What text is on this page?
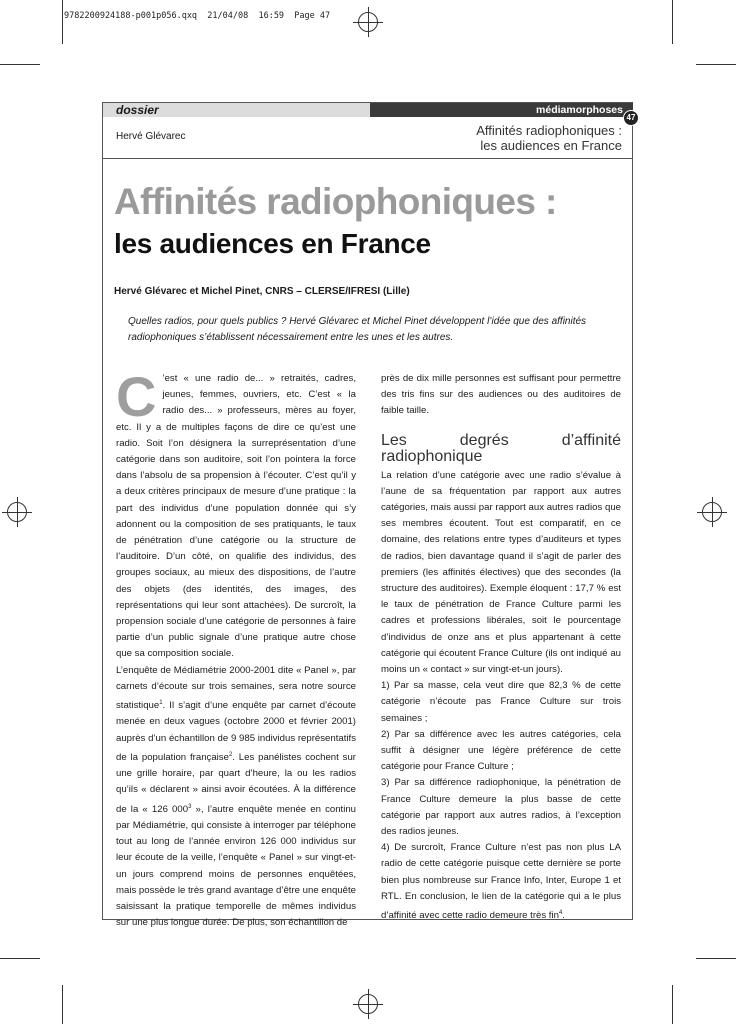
9782200924188-p001p056.qxq  21/04/08  16:59  Page 47
dossier	médiamorphoses
47
Hervé Glévarec	Affinités radiophoniques :
les audiences en France
Affinités radiophoniques :
les audiences en France
Hervé Glévarec et Michel Pinet, CNRS – CLERSE/IFRESI (Lille)
Quelles radios, pour quels publics ? Hervé Glévarec et Michel Pinet développent l’idée que des affinités radiophoniques s’établissent nécessairement entre les unes et les autres.

C ’est « une radio de... » retraités, cadres, jeunes, femmes, ouvriers, etc. C’est « la radio des... » professeurs, mères au foyer, etc. Il y a de multiples façons de dire ce qu’est une radio. Soit l’on désignera la surreprésentation d’une catégorie dans son auditoire, soit l’on pointera la force dans l’absolu de sa propension à l’écouter. C’est qu’il y a deux critères principaux de mesure d’une pratique : la part des individus d’une population donnée qui s’y adonnent ou la composition de ses pratiquants, le taux de pénétration d’une catégorie ou la structure de l’auditoire. D’un côté, on qualifie des individus, des groupes sociaux, au mieux des dispositions, de l’autre des objets (des identités, des images, des représentations qui leur sont attachées). De surcroît, la propension sociale d’une catégorie de personnes à faire partie d’un public signale d’une pratique autre chose que sa composition sociale.

L’enquête de Médiamétrie 2000-2001 dite « Panel », par carnets d’écoute sur trois semaines, sera notre source statistique$^1$. Il s’agit d’une enquête par carnet d’écoute menée en deux vagues (octobre 2000 et février 2001) auprès d’un échantillon de 9 985 individus représentatifs de la population française$^2$. Les panélistes cochent sur une grille horaire, par quart d’heure, la ou les radios qu’ils « déclarent » ainsi avoir écoutées. À la différence de la « 126 $000^3$ », l’autre enquête menée en continu par Médiamétrie, qui consiste à interroger par téléphone tout au long de l’année environ 126 000 individus sur leur écoute de la veille, l’enquête « Panel » sur vingt-et-un jours comprend moins de personnes enquêtées, mais possède le très grand avantage d’être une enquête saisissant la pratique temporelle de mêmes individus sur une plus longue durée. De plus, son échantillon de

près de dix mille personnes est suffisant pour permettre des tris fins sur des audiences ou des auditoires de faible taille.

Les degrés d’affinité radiophonique

La relation d’une catégorie avec une radio s’évalue à l’aune de sa fréquentation par rapport aux autres catégories, mais aussi par rapport aux autres radios que ses membres écoutent. Tout est comparatif, en ce domaine, des relations entre types d’auditeurs et types de radios, bien davantage quand il s’agit de parler des premiers (les affinités électives) que des secondes (la structure des auditoires). Exemple éloquent : 17,7 % est le taux de pénétration de France Culture parmi les cadres et professions libérales, soit le pourcentage d’individus de onze ans et plus appartenant à cette catégorie qui écoutent France Culture (ils ont indiqué au moins un « contact » sur vingt-et-un jours).

1) Par sa masse, cela veut dire que 82,3 % de cette catégorie n’écoute pas France Culture sur trois semaines ;

2) Par sa différence avec les autres catégories, cela suffit à désigner une légère préférence de cette catégorie pour France Culture ;

3) Par sa différence radiophonique, la pénétration de France Culture demeure la plus basse de cette catégorie par rapport aux autres radios, à l’exception des radios jeunes.

4) De surcroît, France Culture n’est pas non plus LA radio de cette catégorie puisque cette dernière se porte bien plus nombreuse sur France Info, Inter, Europe 1 et RTL. En conclusion, le lien de la catégorie qui a le plus d’affinité avec cette radio demeure très fin$^4$.
